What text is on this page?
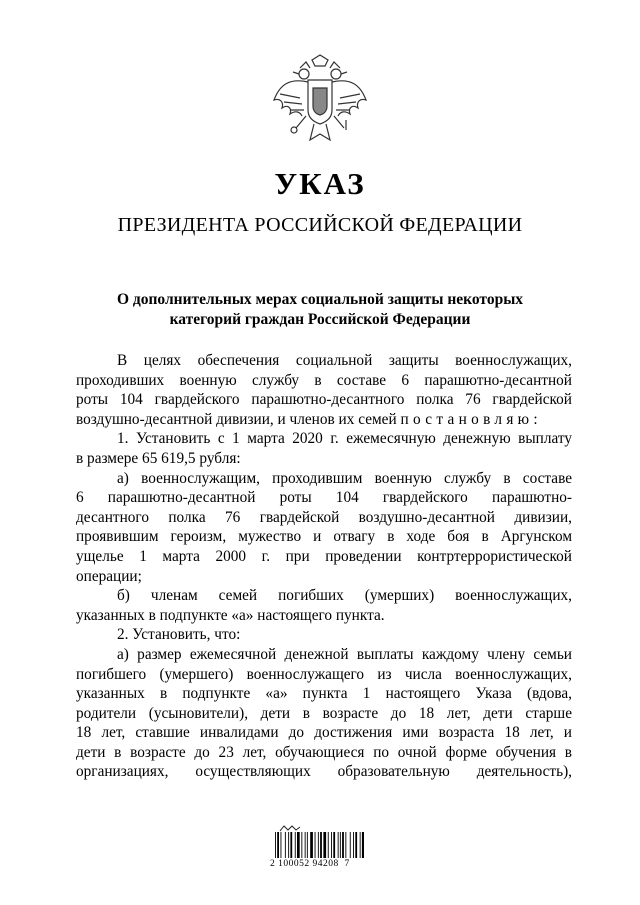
УКАЗ
ПРЕЗИДЕНТА РОССИЙСКОЙ ФЕДЕРАЦИИ
О дополнительных мерах социальной защиты некоторых
категорий граждан Российской Федерации
В целях обеспечения социальной защиты военнослужащих,
проходивших военную службу в составе 6 парашютно-десантной
роты 104 гвардейского парашютно-десантного полка 76 гвардейской
воздушно-десантной дивизии, и членов их семей постановляю:
1. Установить с 1 марта 2020 г. ежемесячную денежную выплату
в размере 65 619,5 рубля:
а) военнослужащим, проходившим военную службу в составе
6 парашютно-десантной роты 104 гвардейского парашютно-
десантного полка 76 гвардейской воздушно-десантной дивизии,
проявившим героизм, мужество и отвагу в ходе боя в Аргунском
ущелье 1 марта 2000 г. при проведении контртеррористической
операции;
б) членам семей погибших (умерших) военнослужащих,
указанных в подпункте «а» настоящего пункта.
2. Установить, что:
а) размер ежемесячной денежной выплаты каждому члену семьи
погибшего (умершего) военнослужащего из числа военнослужащих,
указанных в подпункте «а» пункта 1 настоящего Указа (вдова,
родители (усыновители), дети в возрасте до 18 лет, дети старше
18 лет, ставшие инвалидами до достижения ими возраста 18 лет, и
дети в возрасте до 23 лет, обучающиеся по очной форме обучения в
организациях, осуществляющих образовательную деятельность),
2 100052 94208  7
